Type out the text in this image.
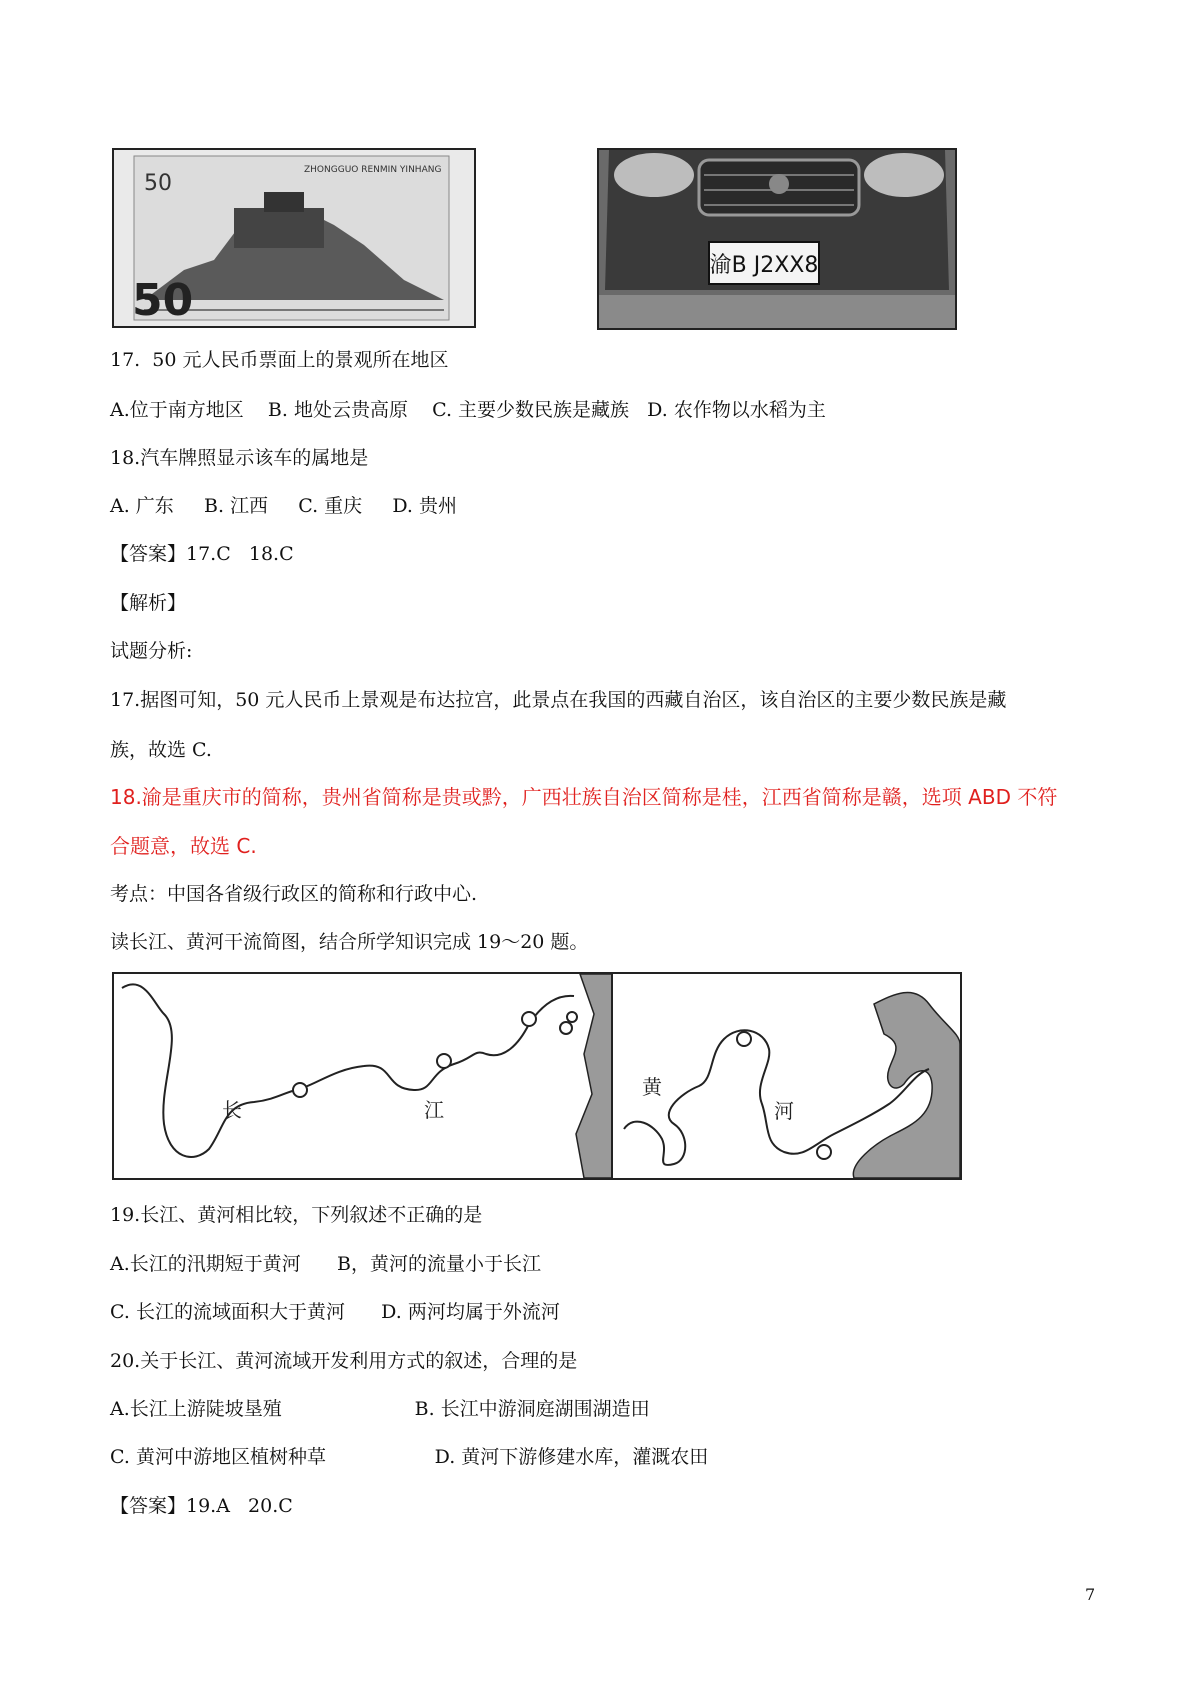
50
50
ZHONGGUO RENMIN YINHANG
渝B J2XX8
17.  50 元人民币票面上的景观所在地区
A.位于南方地区    B. 地处云贵高原    C. 主要少数民族是藏族   D. 农作物以水稻为主
18.汽车牌照显示该车的属地是
A. 广东     B. 江西     C. 重庆     D. 贵州
【答案】17.C   18.C
【解析】
试题分析:
17.据图可知，50 元人民币上景观是布达拉宫，此景点在我国的西藏自治区，该自治区的主要少数民族是藏
族，故选 C.
18.渝是重庆市的简称，贵州省简称是贵或黔，广西壮族自治区简称是桂，江西省简称是赣，选项 ABD 不符
合题意，故选 C.
考点：中国各省级行政区的简称和行政中心.
读长江、黄河干流简图，结合所学知识完成 19～20 题。
长	江
黄
河
19.长江、黄河相比较，下列叙述不正确的是
A.长江的汛期短于黄河      B，黄河的流量小于长江
C. 长江的流域面积大于黄河      D. 两河均属于外流河
20.关于长江、黄河流域开发利用方式的叙述，合理的是
A.长江上游陡坡垦殖                      B. 长江中游洞庭湖围湖造田
C. 黄河中游地区植树种草                  D. 黄河下游修建水库，灌溉农田
【答案】19.A   20.C
7
